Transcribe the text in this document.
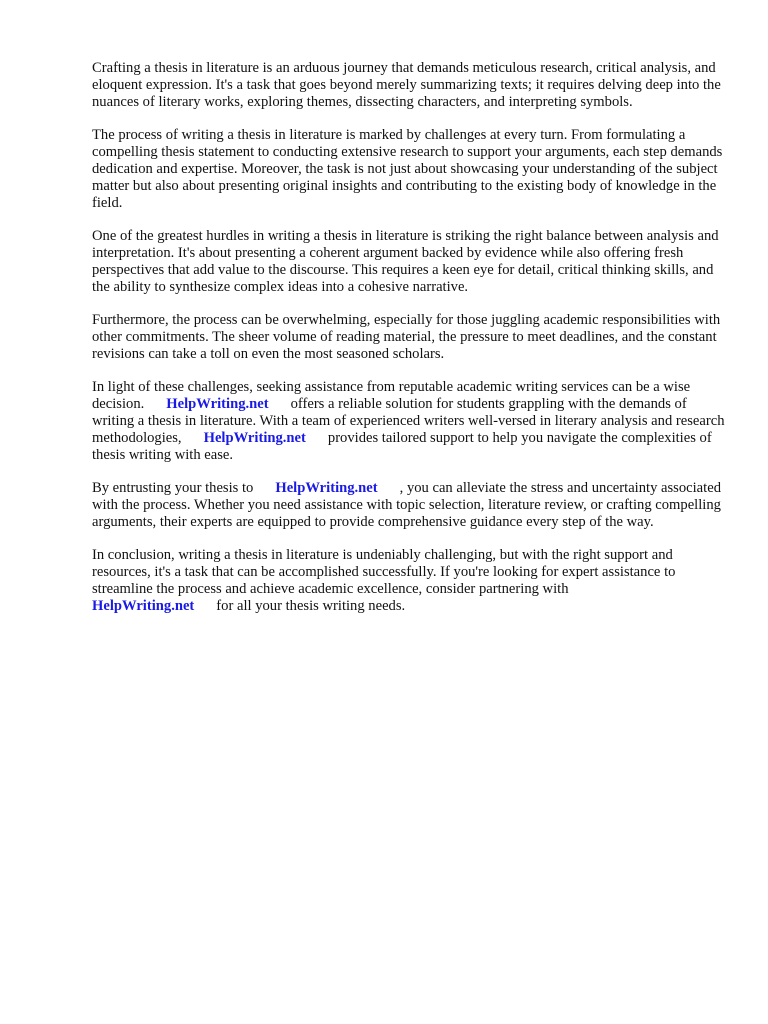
Crafting a thesis in literature is an arduous journey that demands meticulous research, critical analysis, and eloquent expression. It's a task that goes beyond merely summarizing texts; it requires delving deep into the nuances of literary works, exploring themes, dissecting characters, and interpreting symbols.

The process of writing a thesis in literature is marked by challenges at every turn. From formulating a compelling thesis statement to conducting extensive research to support your arguments, each step demands dedication and expertise. Moreover, the task is not just about showcasing your understanding of the subject matter but also about presenting original insights and contributing to the existing body of knowledge in the field.

One of the greatest hurdles in writing a thesis in literature is striking the right balance between analysis and interpretation. It's about presenting a coherent argument backed by evidence while also offering fresh perspectives that add value to the discourse. This requires a keen eye for detail, critical thinking skills, and the ability to synthesize complex ideas into a cohesive narrative.

Furthermore, the process can be overwhelming, especially for those juggling academic responsibilities with other commitments. The sheer volume of reading material, the pressure to meet deadlines, and the constant revisions can take a toll on even the most seasoned scholars.

In light of these challenges, seeking assistance from reputable academic writing services can be a wise decision. HelpWriting.net offers a reliable solution for students grappling with the demands of writing a thesis in literature. With a team of experienced writers well-versed in literary analysis and research methodologies, HelpWriting.net provides tailored support to help you navigate the complexities of thesis writing with ease.

By entrusting your thesis to HelpWriting.net , you can alleviate the stress and uncertainty associated with the process. Whether you need assistance with topic selection, literature review, or crafting compelling arguments, their experts are equipped to provide comprehensive guidance every step of the way.

In conclusion, writing a thesis in literature is undeniably challenging, but with the right support and resources, it's a task that can be accomplished successfully. If you're looking for expert assistance to streamline the process and achieve academic excellence, consider partnering with
HelpWriting.net for all your thesis writing needs.
